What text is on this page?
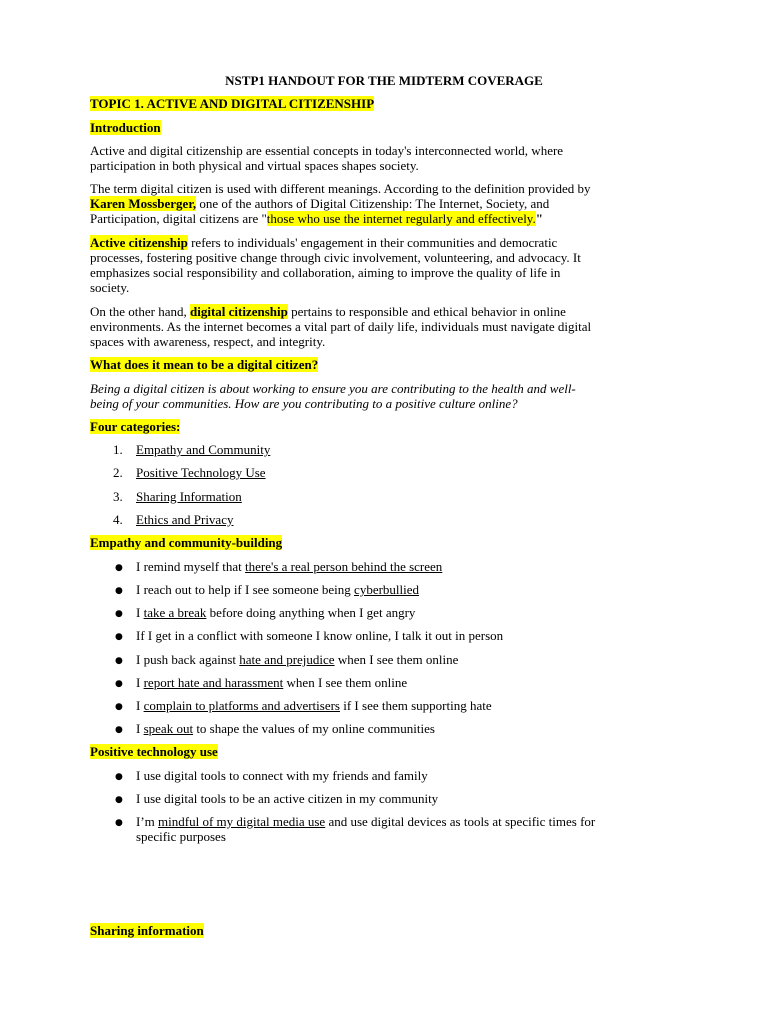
NSTP1 HANDOUT FOR THE MIDTERM COVERAGE

TOPIC 1. ACTIVE AND DIGITAL CITIZENSHIP

Introduction

Active and digital citizenship are essential concepts in today's interconnected world, where
participation in both physical and virtual spaces shapes society.

The term digital citizen is used with different meanings. According to the definition provided by
Karen Mossberger, one of the authors of Digital Citizenship: The Internet, Society, and
Participation, digital citizens are "those who use the internet regularly and effectively."

Active citizenship refers to individuals' engagement in their communities and democratic
processes, fostering positive change through civic involvement, volunteering, and advocacy. It
emphasizes social responsibility and collaboration, aiming to improve the quality of life in
society.

On the other hand, digital citizenship pertains to responsible and ethical behavior in online
environments. As the internet becomes a vital part of daily life, individuals must navigate digital
spaces with awareness, respect, and integrity.

What does it mean to be a digital citizen?

Being a digital citizen is about working to ensure you are contributing to the health and well-
being of your communities. How are you contributing to a positive culture online?

Four categories:

1. Empathy and Community
2. Positive Technology Use
3. Sharing Information
4. Ethics and Privacy

Empathy and community-building

● I remind myself that there's a real person behind the screen

● I reach out to help if I see someone being cyberbullied

● I take a break before doing anything when I get angry

● If I get in a conflict with someone I know online, I talk it out in person

● I push back against hate and prejudice when I see them online

● I report hate and harassment when I see them online

● I complain to platforms and advertisers if I see them supporting hate

● I speak out to shape the values of my online communities

Positive technology use

● I use digital tools to connect with my friends and family

● I use digital tools to be an active citizen in my community

● I’m mindful of my digital media use and use digital devices as tools at specific times for
specific purposes

Sharing information
